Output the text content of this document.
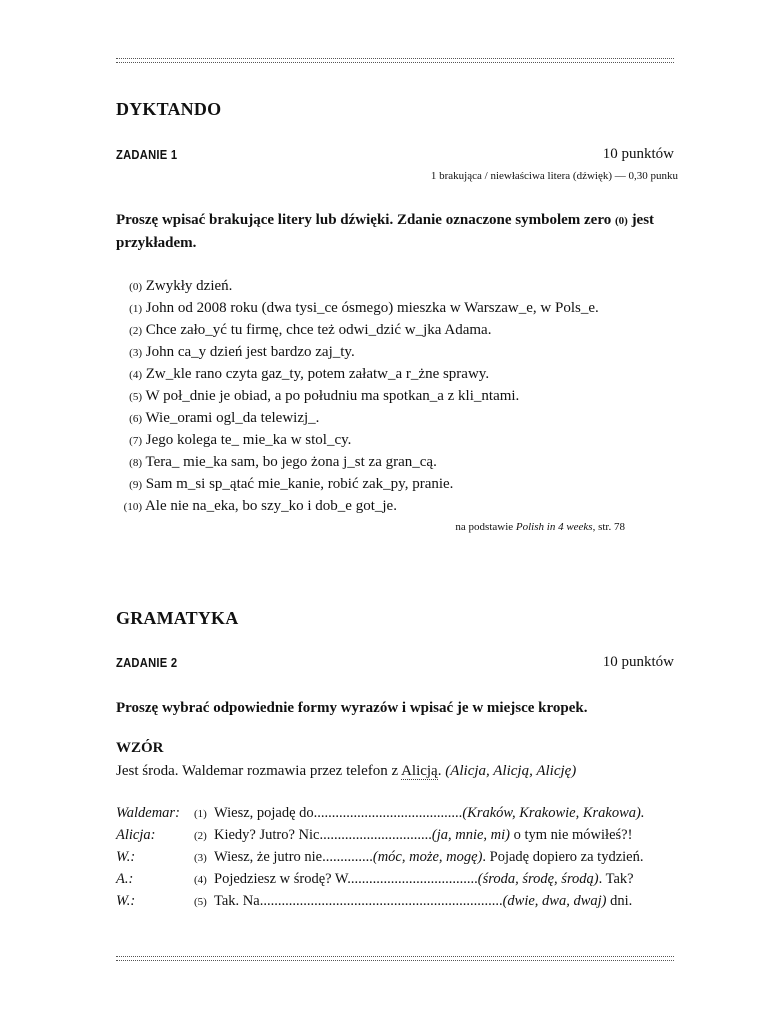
DYKTANDO
ZADANIE 1	10 punktów
1 brakująca / niewłaściwa litera (dźwięk) — 0,30 punku
Proszę wpisać brakujące litery lub dźwięki. Zdanie oznaczone symbolem zero (0) jest przykładem.
(0) Zwykły dzień.
(1) John od 2008 roku (dwa tysi_ce ósmego) mieszka w Warszaw_e, w Pols_e.
(2) Chce zało_yć tu firmę, chce też odwi_dzić w_jka Adama.
(3) John ca_y dzień jest bardzo zaj_ty.
(4) Zw_kle rano czyta gaz_ty, potem załatw_a r_żne sprawy.
(5) W poł_dnie je obiad, a po południu ma spotkan_a z kli_ntami.
(6) Wie_orami ogl_da telewizj_.
(7) Jego kolega te_ mie_ka w stol_cy.
(8) Tera_ mie_ka sam, bo jego żona j_st za gran_cą.
(9) Sam m_si sp_ątać mie_kanie, robić zak_py, pranie.
(10) Ale nie na_eka, bo szy_ko i dob_e got_je.
na podstawie Polish in 4 weeks, str. 78
GRAMATYKA
ZADANIE 2	10 punktów
Proszę wybrać odpowiednie formy wyrazów i wpisać je w miejsce kropek.
WZÓR
Jest środa. Waldemar rozmawia przez telefon z Alicją. (Alicja, Alicją, Alicję)
Waldemar: (1) Wiesz, pojadę do.........................................(Kraków, Krakowie, Krakowa).
Alicja:	(2) Kiedy? Jutro? Nic...............................(ja, mnie, mi) o tym nie mówiłeś?!
W.:	(3) Wiesz, że jutro nie..............(móc, może, mogę). Pojadę dopiero za tydzień.
A.:	(4) Pojedziesz w środę? W....................................(środa, środę, środą). Tak?
W.:	(5) Tak. Na...................................................................(dwie, dwa, dwaj) dni.
